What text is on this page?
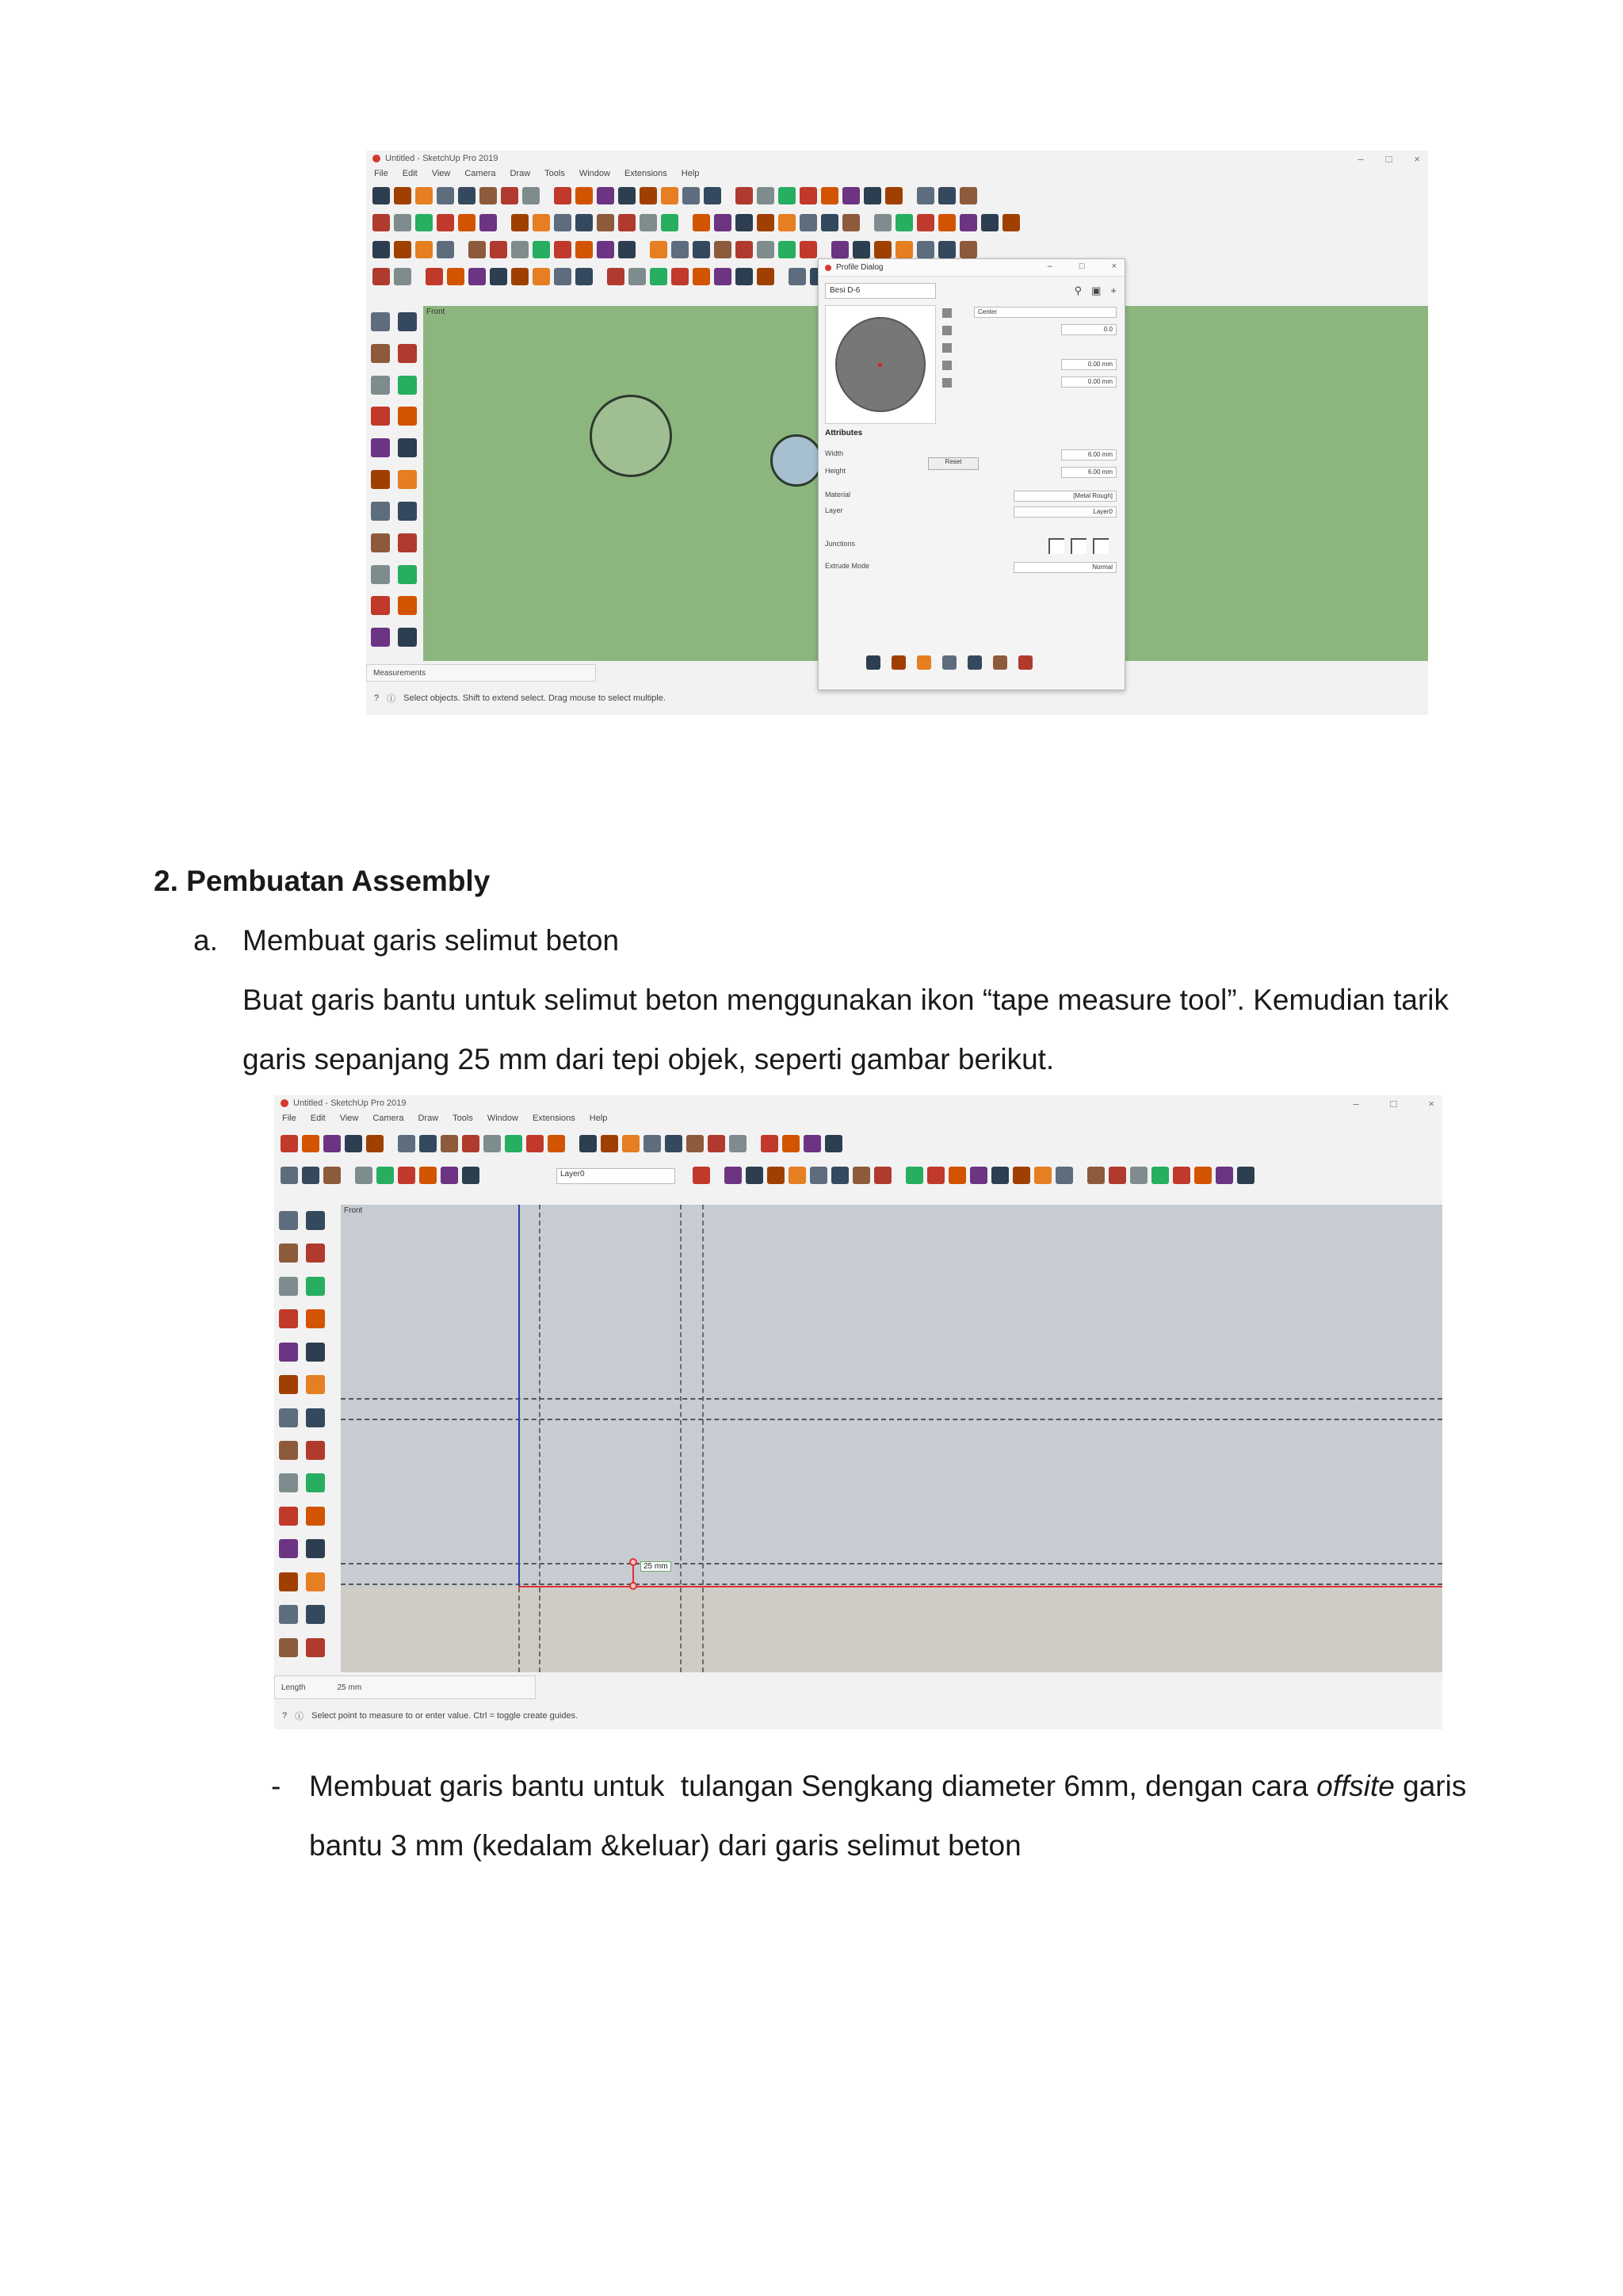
Untitled - SketchUp Pro 2019	– □ ×
File Edit View Camera Draw Tools Window Extensions Help
Front
Profile Dialog	–	□	×
Besi D-6	⚲ ▣ +
Center
0.0
0.00 mm
0.00 mm
Attributes
Width	6.00 mm
Reset
Height	6.00 mm
Material	[Metal Rough]
Layer	Layer0
Junctions
Extrude Mode	Normal
Measurements
? ⓘ Select objects. Shift to extend select. Drag mouse to select multiple.
2. Pembuatan Assembly
a. Membuat garis selimut beton
Buat garis bantu untuk selimut beton menggunakan ikon “tape measure tool”. Kemudian tarik
garis sepanjang 25 mm dari tepi objek, seperti gambar berikut.
Untitled - SketchUp Pro 2019	–	□	×
File Edit View Camera Draw Tools Window Extensions Help
Layer0
Front
25 mm
Length	25 mm
? ⓘ Select point to measure to or enter value. Ctrl = toggle create guides.
- Membuat garis bantu untuk  tulangan Sengkang diameter 6mm, dengan cara offsite garis
bantu 3 mm (kedalam &keluar) dari garis selimut beton
